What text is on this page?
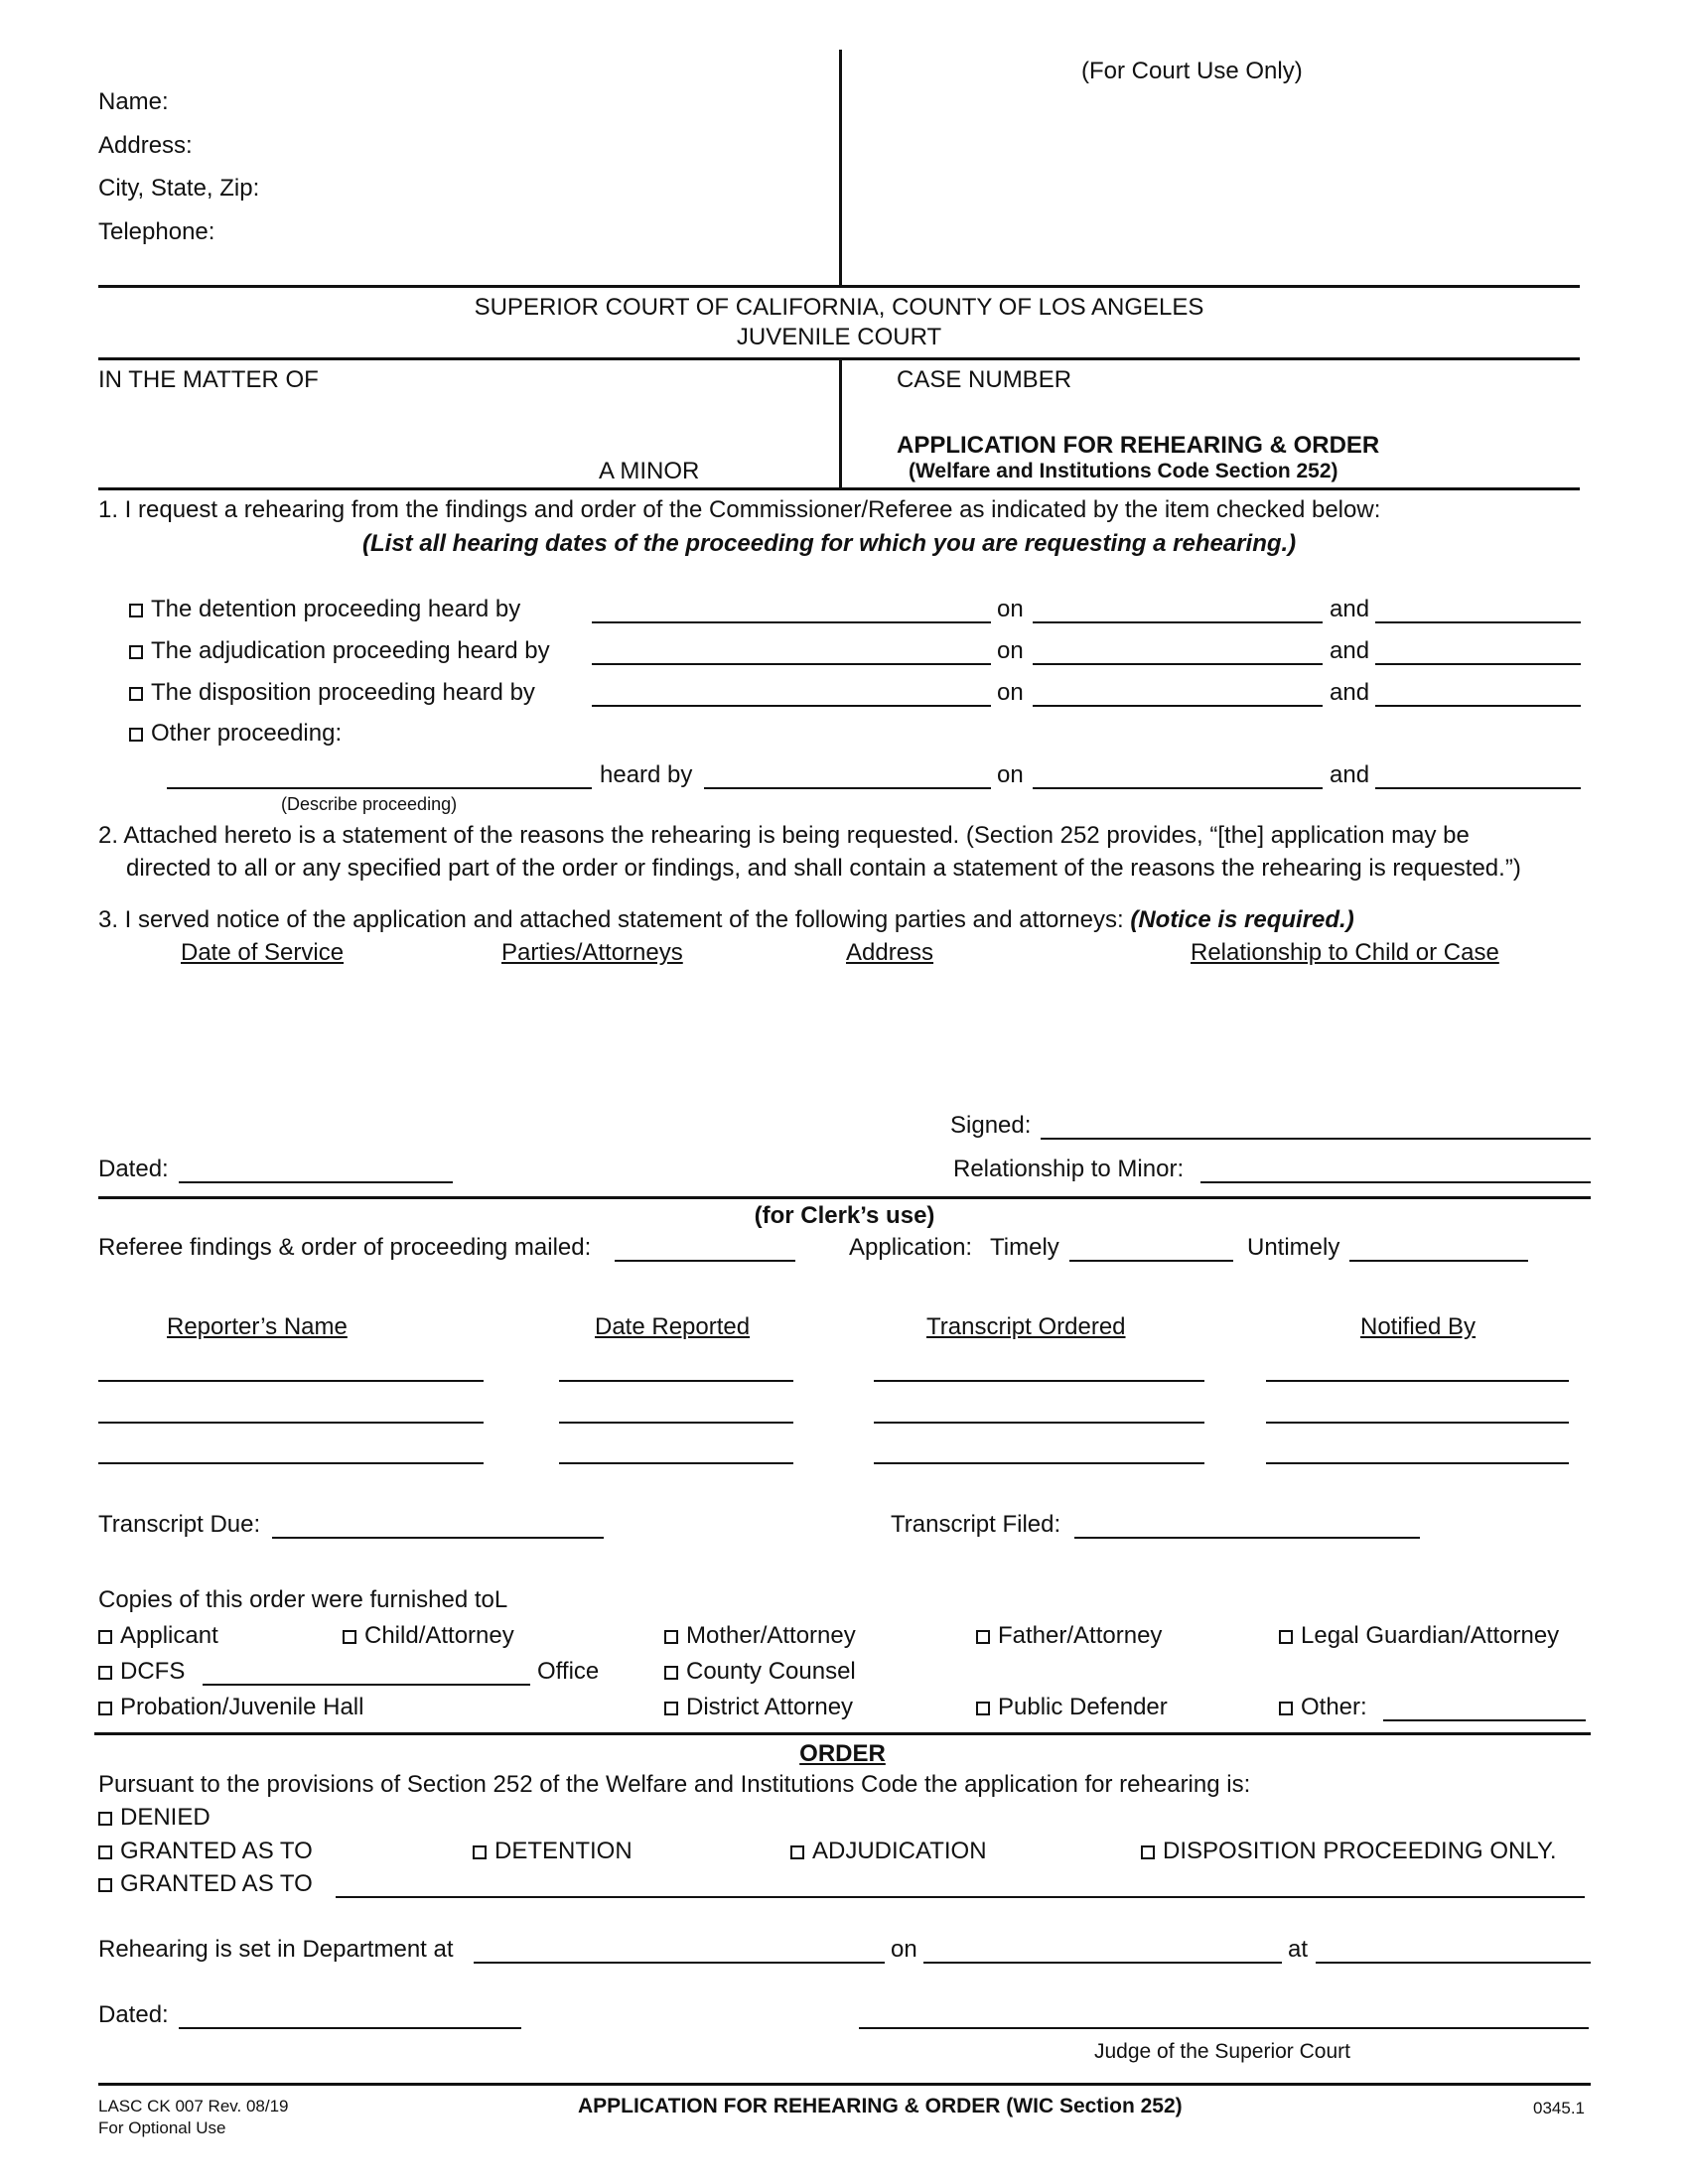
(For Court Use Only)
Name:
Address:
City, State, Zip:
Telephone:
SUPERIOR COURT OF CALIFORNIA, COUNTY OF LOS ANGELES
JUVENILE COURT
IN THE MATTER OF
A MINOR
CASE NUMBER
APPLICATION FOR REHEARING & ORDER
(Welfare and Institutions Code Section 252)
1. I request a rehearing from the findings and order of the Commissioner/Referee as indicated by the item checked below:
(List all hearing dates of the proceeding for which you are requesting a rehearing.)
The detention proceeding heard by	on	and
The adjudication proceeding heard by	on	and
The disposition proceeding heard by	on	and
Other proceeding:
heard by	on	and
(Describe proceeding)
2. Attached hereto is a statement of the reasons the rehearing is being requested. (Section 252 provides, “[the] application may be
directed to all or any specified part of the order or findings, and shall contain a statement of the reasons the rehearing is requested.”)
3. I served notice of the application and attached statement of the following parties and attorneys: (Notice is required.)
Date of Service	Parties/Attorneys	Address	Relationship to Child or Case
Signed:
Dated:	Relationship to Minor:
(for Clerk’s use)
Referee findings & order of proceeding mailed:	Application: Timely	Untimely
Reporter’s Name	Date Reported	Transcript Ordered	Notified By
Transcript Due:	Transcript Filed:
Copies of this order were furnished toL
Applicant	Child/Attorney	Mother/Attorney	Father/Attorney	Legal Guardian/Attorney
DCFS	Office	County Counsel
Probation/Juvenile Hall	District Attorney	Public Defender	Other:
ORDER
Pursuant to the provisions of Section 252 of the Welfare and Institutions Code the application for rehearing is:
DENIED
GRANTED AS TO	DETENTION	ADJUDICATION	DISPOSITION PROCEEDING ONLY.
GRANTED AS TO
Rehearing is set in Department at	on	at
Dated:
Judge of the Superior Court
LASC CK 007 Rev. 08/19
For Optional Use
APPLICATION FOR REHEARING & ORDER (WIC Section 252)	0345.1
